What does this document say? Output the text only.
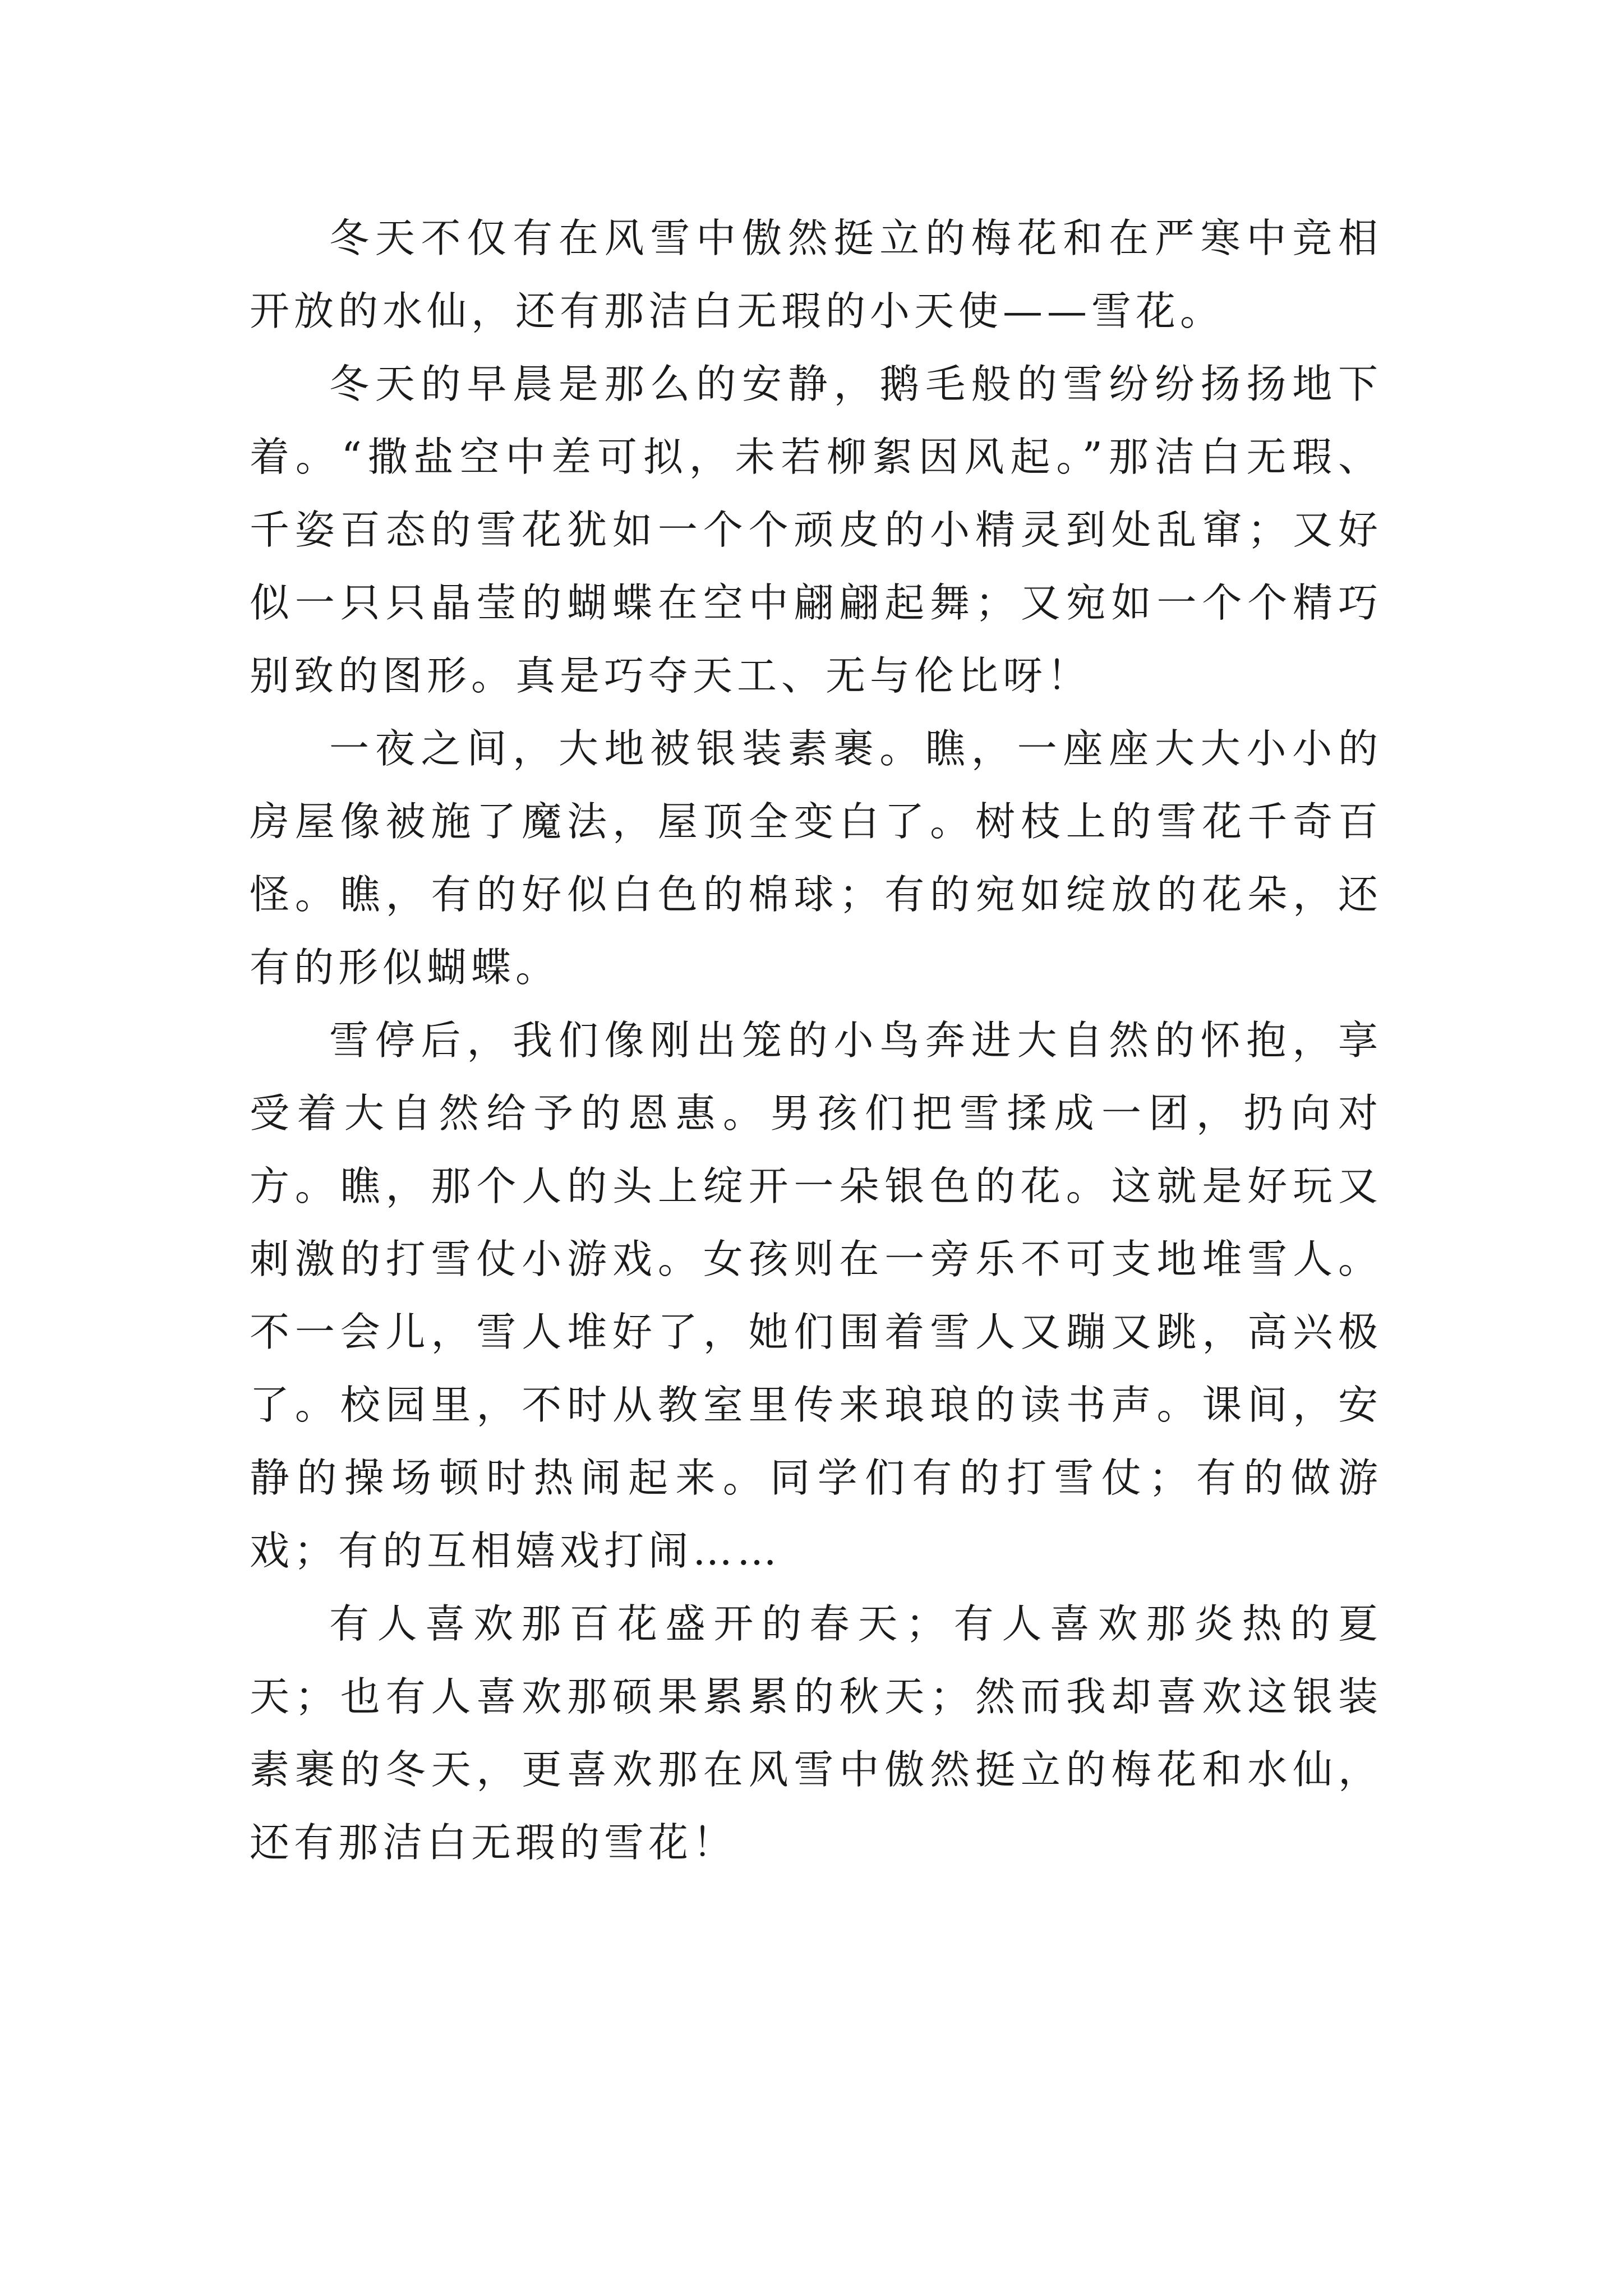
冬天不仅有在风雪中傲然挺立的梅花和在严寒中竞相开放的水仙，还有那洁白无瑕的小天使——雪花。

冬天的早晨是那么的安静，鹅毛般的雪纷纷扬扬地下着。“撒盐空中差可拟，未若柳絮因风起。”那洁白无瑕、千姿百态的雪花犹如一个个顽皮的小精灵到处乱窜；又好似一只只晶莹的蝴蝶在空中翩翩起舞；又宛如一个个精巧别致的图形。真是巧夺天工、无与伦比呀！

一夜之间，大地被银装素裹。瞧，一座座大大小小的房屋像被施了魔法，屋顶全变白了。树枝上的雪花千奇百怪。瞧，有的好似白色的棉球；有的宛如绽放的花朵，还有的形似蝴蝶。

雪停后，我们像刚出笼的小鸟奔进大自然的怀抱，享受着大自然给予的恩惠。男孩们把雪揉成一团，扔向对方。瞧，那个人的头上绽开一朵银色的花。这就是好玩又刺激的打雪仗小游戏。女孩则在一旁乐不可支地堆雪人。不一会儿，雪人堆好了，她们围着雪人又蹦又跳，高兴极了。校园里，不时从教室里传来琅琅的读书声。课间，安静的操场顿时热闹起来。同学们有的打雪仗；有的做游戏；有的互相嬉戏打闹……

有人喜欢那百花盛开的春天；有人喜欢那炎热的夏天；也有人喜欢那硕果累累的秋天；然而我却喜欢这银装素裹的冬天，更喜欢那在风雪中傲然挺立的梅花和水仙，还有那洁白无瑕的雪花！
